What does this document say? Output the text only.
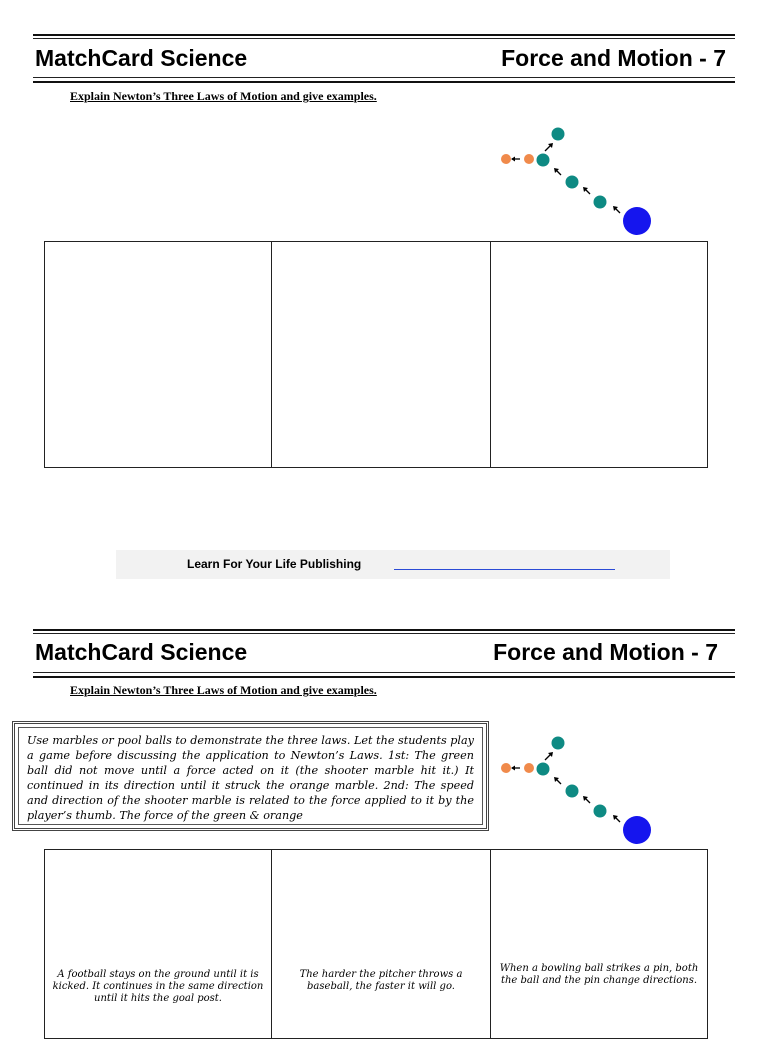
MatchCard Science	Force and Motion - 7
Explain Newton’s Three Laws of Motion and give examples.
Learn For Your Life Publishing
MatchCard Science	Force and Motion - 7
Explain Newton’s Three Laws of Motion and give examples.
Use marbles or pool balls to demonstrate the three laws. Let the students play a game before discussing the application to Newton’s Laws. 1st: The green ball did not move until a force acted on it (the shooter marble hit it.) It continued in its direction until it struck the orange marble. 2nd: The speed and direction of the shooter marble is related to the force applied to it by the player’s thumb. The force of the green & orange
A football stays on the ground until it is kicked. It continues in the same direction until it hits the goal post.
The harder the pitcher throws a baseball, the faster it will go.
When a bowling ball strikes a pin, both the ball and the pin change directions.
